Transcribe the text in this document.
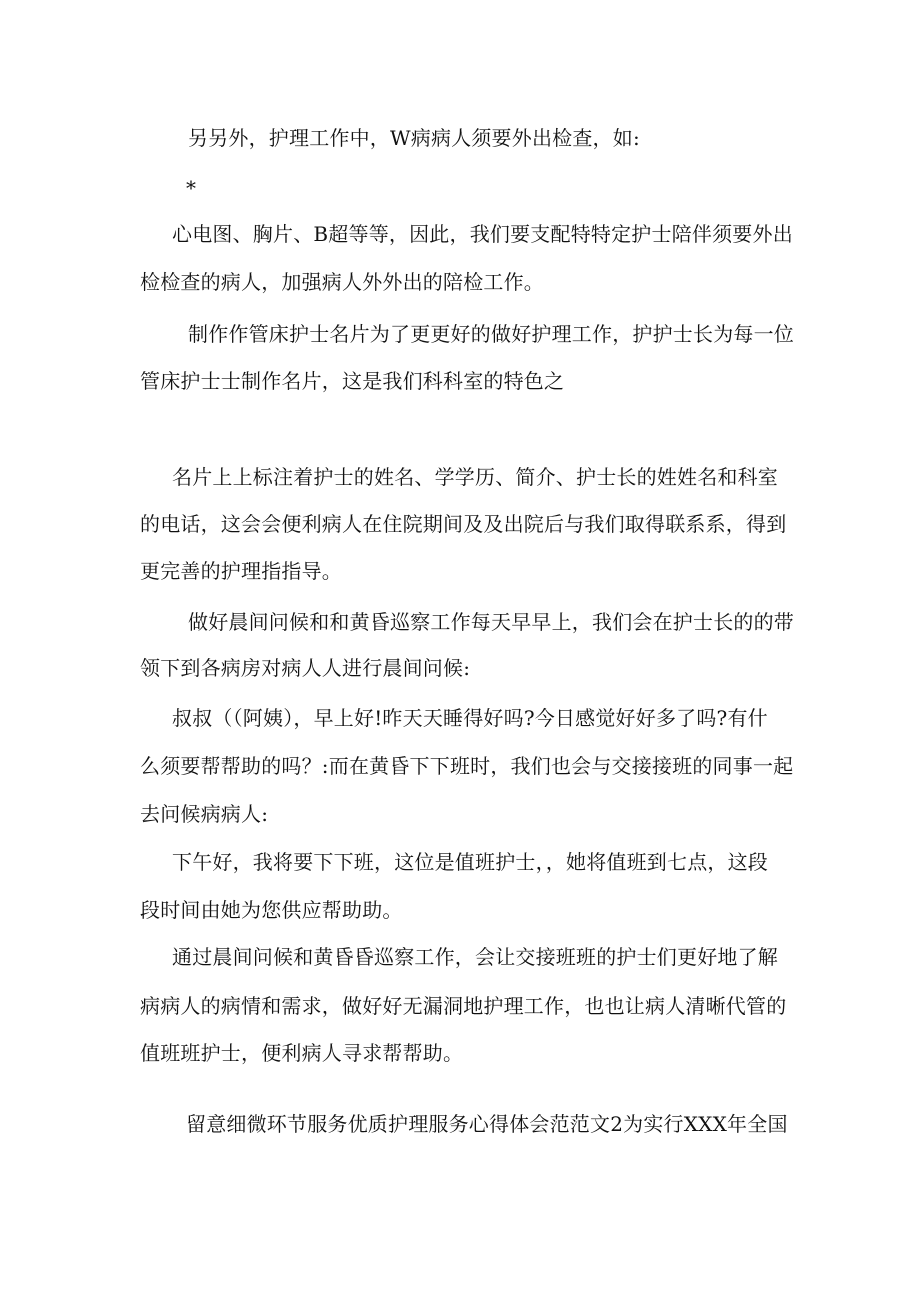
另另外，护理工作中，W病病人须要外出检查，如:
*
心电图、胸片、B超等等，因此，我们要支配特特定护士陪伴须要外出
检检查的病人，加强病人外外出的陪检工作。
制作作管床护士名片为了更更好的做好护理工作，护护士长为每一位
管床护士士制作名片，这是我们科科室的特色之
名片上上标注着护士的姓名、学学历、简介、护士长的姓姓名和科室
的电话，这会会便利病人在住院期间及及出院后与我们取得联系系，得到
更完善的护理指指导。
做好晨间问候和和黄昏巡察工作每天早早上，我们会在护士长的的带
领下到各病房对病人人进行晨间问候:
叔叔（（阿姨），早上好!昨天天睡得好吗?今日感觉好好多了吗?有什
么须要帮帮助的吗？:而在黄昏下下班时，我们也会与交接接班的同事一起
去问候病病人:
下午好，我将要下下班，这位是值班护士，，她将值班到七点，这段
段时间由她为您供应帮助助。
通过晨间问候和黄昏昏巡察工作，会让交接班班的护士们更好地了解
病病人的病情和需求，做好好无漏洞地护理工作，也也让病人清晰代管的
值班班护士，便利病人寻求帮帮助。
留意细微环节服务优质护理服务心得体会范范文2为实行XXX年全国
